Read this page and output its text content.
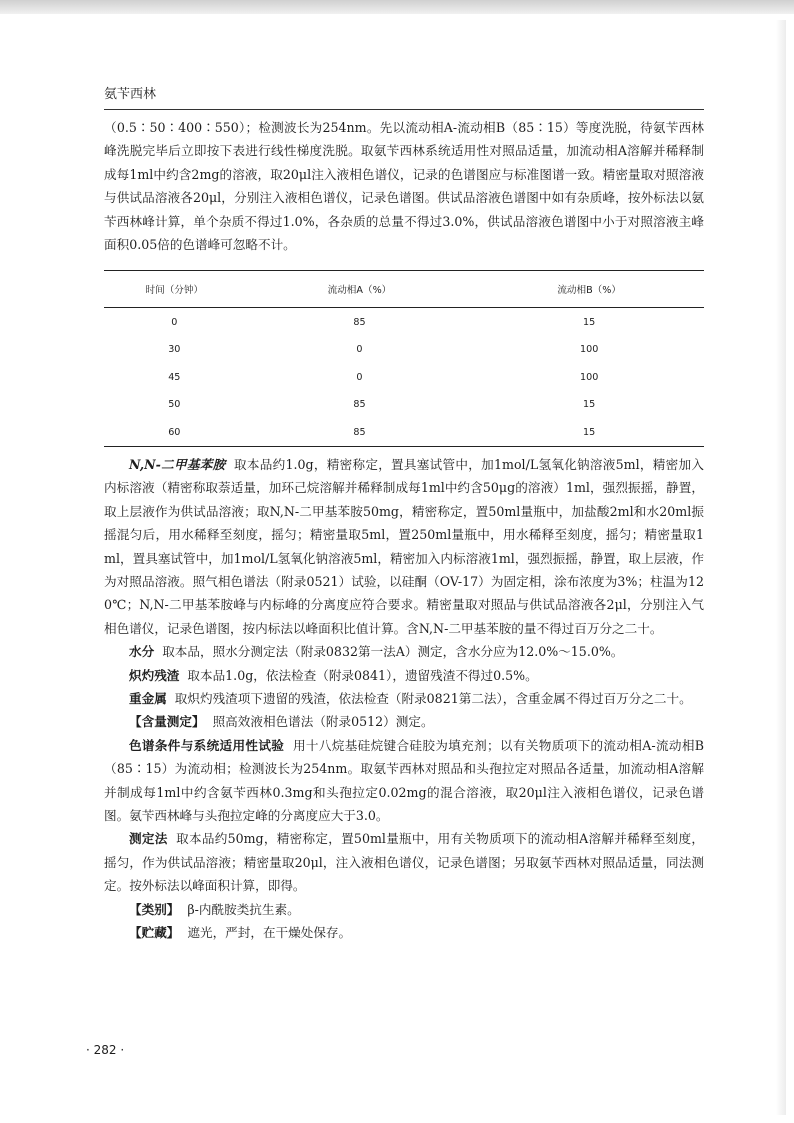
氨苄西林

（0.5∶50∶400∶550）；检测波长为254nm。先以流动相A-流动相B（85∶15）等度洗脱，待氨苄西林峰洗脱完毕后立即按下表进行线性梯度洗脱。取氨苄西林系统适用性对照品适量，加流动相A溶解并稀释制成每1ml中约含2mg的溶液，取20μl注入液相色谱仪，记录的色谱图应与标准图谱一致。精密量取对照溶液与供试品溶液各20μl，分别注入液相色谱仪，记录色谱图。供试品溶液色谱图中如有杂质峰，按外标法以氨苄西林峰计算，单个杂质不得过1.0%，各杂质的总量不得过3.0%，供试品溶液色谱图中小于对照溶液主峰面积0.05倍的色谱峰可忽略不计。

时间（分钟）	流动相A（%）	流动相B（%）
0	85	15
30	0	100
45	0	100
50	85	15
60	85	15

N,N-二甲基苯胺 取本品约1.0g，精密称定，置具塞试管中，加1mol/L氢氧化钠溶液5ml，精密加入内标溶液（精密称取萘适量，加环己烷溶解并稀释制成每1ml中约含50μg的溶液）1ml，强烈振摇，静置，取上层液作为供试品溶液；取N,N-二甲基苯胺50mg，精密称定，置50ml量瓶中，加盐酸2ml和水20ml振摇混匀后，用水稀释至刻度，摇匀；精密量取5ml，置250ml量瓶中，用水稀释至刻度，摇匀；精密量取1ml，置具塞试管中，加1mol/L氢氧化钠溶液5ml，精密加入内标溶液1ml，强烈振摇，静置，取上层液，作为对照品溶液。照气相色谱法（附录0521）试验，以硅酮（OV-17）为固定相，涂布浓度为3%；柱温为120℃；N,N-二甲基苯胺峰与内标峰的分离度应符合要求。精密量取对照品与供试品溶液各2μl，分别注入气相色谱仪，记录色谱图，按内标法以峰面积比值计算。含N,N-二甲基苯胺的量不得过百万分之二十。

水分 取本品，照水分测定法（附录0832第一法A）测定，含水分应为12.0%～15.0%。

炽灼残渣 取本品1.0g，依法检查（附录0841），遗留残渣不得过0.5%。

重金属 取炽灼残渣项下遗留的残渣，依法检查（附录0821第二法），含重金属不得过百万分之二十。

【含量测定】 照高效液相色谱法（附录0512）测定。

色谱条件与系统适用性试验 用十八烷基硅烷键合硅胶为填充剂；以有关物质项下的流动相A-流动相B（85∶15）为流动相；检测波长为254nm。取氨苄西林对照品和头孢拉定对照品各适量，加流动相A溶解并制成每1ml中约含氨苄西林0.3mg和头孢拉定0.02mg的混合溶液，取20μl注入液相色谱仪，记录色谱图。氨苄西林峰与头孢拉定峰的分离度应大于3.0。

测定法 取本品约50mg，精密称定，置50ml量瓶中，用有关物质项下的流动相A溶解并稀释至刻度，摇匀，作为供试品溶液；精密量取20μl，注入液相色谱仪，记录色谱图；另取氨苄西林对照品适量，同法测定。按外标法以峰面积计算，即得。

【类别】 β-内酰胺类抗生素。

【贮藏】 遮光，严封，在干燥处保存。

· 282 ·
